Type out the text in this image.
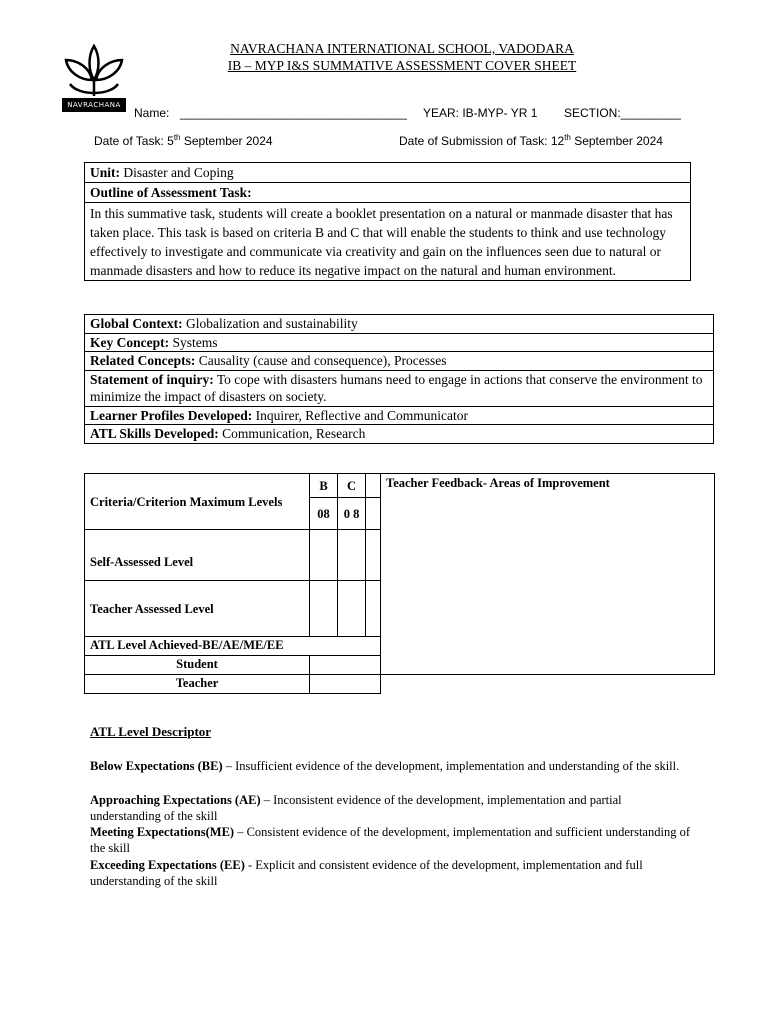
NAVRACHANA
NAVRACHANA INTERNATIONAL SCHOOL, VADODARA
IB – MYP I&S SUMMATIVE ASSESSMENT COVER SHEET
Name: __________________________________ YEAR: IB-MYP- YR 1 SECTION:_________
Date of Task: 5th September 2024	Date of Submission of Task: 12th September 2024
Unit: Disaster and Coping
Outline of Assessment Task:
In this summative task, students will create a booklet presentation on a natural or manmade disaster that has taken place. This task is based on criteria B and C that will enable the students to think and use technology effectively to investigate and communicate via creativity and gain on the influences seen due to natural or manmade disasters and how to reduce its negative impact on the natural and human environment.
Global Context: Globalization and sustainability
Key Concept: Systems
Related Concepts: Causality (cause and consequence), Processes
Statement of inquiry: To cope with disasters humans need to engage in actions that conserve the environment to minimize the impact of disasters on society.
Learner Profiles Developed: Inquirer, Reflective and Communicator
ATL Skills Developed: Communication, Research
Criteria/Criterion Maximum Levels	B	C		Teacher Feedback- Areas of Improvement
	08	0 8		
Self-Assessed Level				
Teacher Assessed Level				
ATL Level Achieved-BE/AE/ME/EE				
Student				
Teacher				
ATL Level Descriptor
Below Expectations (BE) – Insufficient evidence of the development, implementation and understanding of the skill.
Approaching Expectations (AE) – Inconsistent evidence of the development, implementation and partial understanding of the skill
Meeting Expectations(ME) – Consistent evidence of the development, implementation and sufficient understanding of the skill
Exceeding Expectations (EE) - Explicit and consistent evidence of the development, implementation and full understanding of the skill
